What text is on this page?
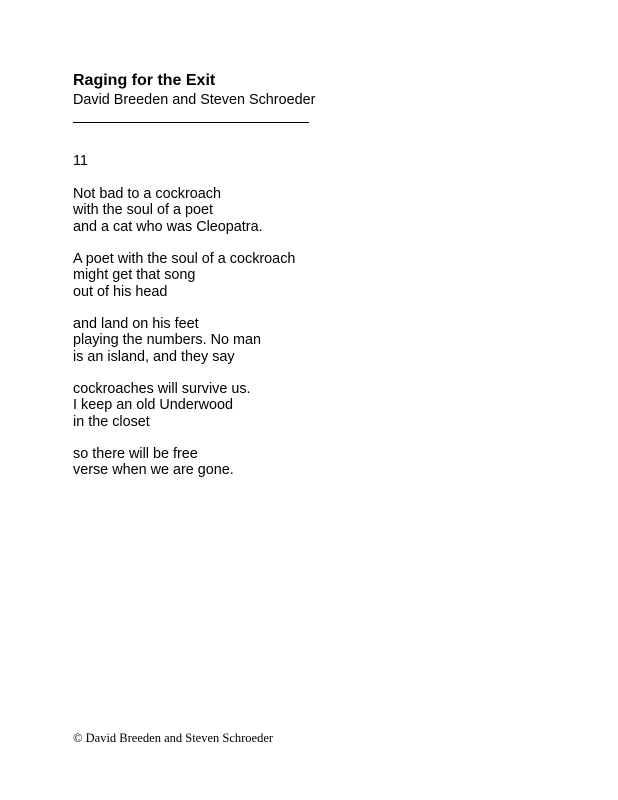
Raging for the Exit
David Breeden and Steven Schroeder
11
Not bad to a cockroach
with the soul of a poet
and a cat who was Cleopatra.
A poet with the soul of a cockroach
might get that song
out of his head
and land on his feet
playing the numbers. No man
is an island, and they say
cockroaches will survive us.
I keep an old Underwood
in the closet
so there will be free
verse when we are gone.
© David Breeden and Steven Schroeder
